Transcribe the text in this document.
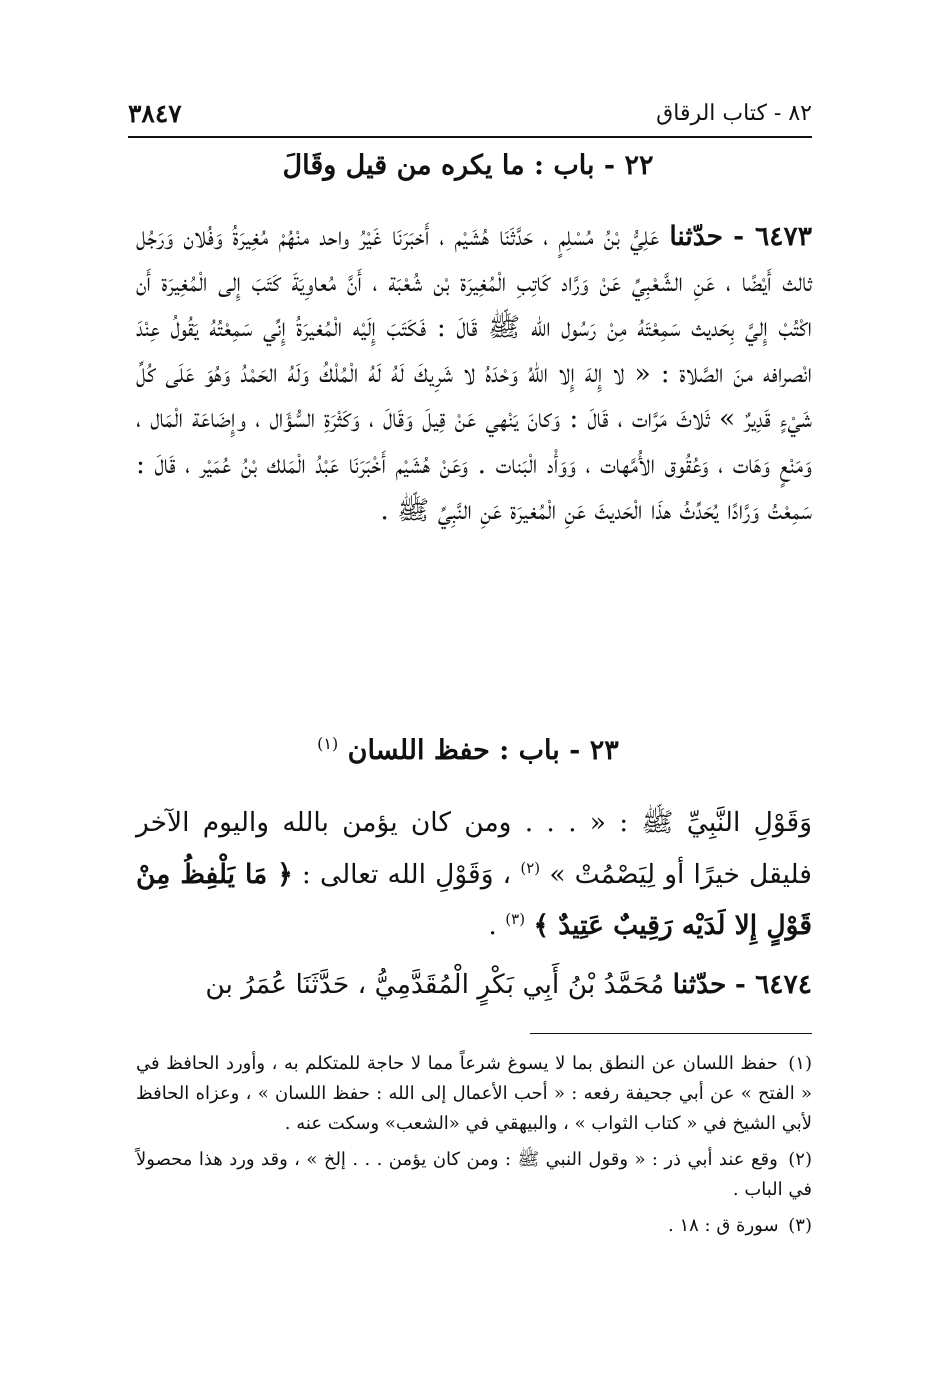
٨٢ - كتاب الرقاق
٣٨٤٧
٢٢ - باب : ما يكره من قيل وقَالَ
٦٤٧٣ - حدّثنا عَلِيُّ بْنُ مُسْلِمٍ ، حَدَّثَنَا هُشَيْم ، أَخبَرَنَا غَيْرُ واحد منْهُمْ مُغِيرَةُ وَفُلان وَرَجُل ثالث أَيْضًا ، عَنِ الشَّعْبِيِّ عَنْ وَرَّاد كَاتِبِ الْمُغِيرَة بْن شُعْبَة ، أَنَّ مُعاوِيَةَ كَتَبَ إِلى الْمُغِيرَة أَن اكْتُبْ إِليَّ بِحَديث سَمِعْتَهُ مِنْ رَسُول الله ﷺ قَالَ : فَكَتَبَ إِلَيْه الْمُغيرَةُ إِنِّي سَمِعْتُهُ يَقُولُ عِنْدَ انْصرافه منَ الصَّلاة : « لا إِلهَ إِلا اللهُ وَحْدَهُ لا شَرِيكَ لَهُ لَهُ الْمُلْكُ وَلَهُ الحَمْدُ وَهُوَ عَلَى كُلِّ شَيْءٍ قَدِيرٌ » ثَلاثَ مَرَّات ، قَالَ : وَكانَ يَنْهي عَنْ قِيلَ وَقَالَ ، وَكَثْرَةِ السُّؤَال ، وإِضَاعَة الْمَال ، وَمَنْعٍ وَهَات ، وَعُقُوق الأُمَّهات ، وَوَأْد الْبَنات . وَعَنْ هُشَيْم أَخْبَرَنَا عَبْدُ الْمَلك بْنُ عُمَيْر ، قَالَ : سَمِعْتُ وَرَّادًا يُحَدِّثُ هذَا الْحَديثَ عَنِ الْمُغيرَة عَنِ النَّبِيِّ ﷺ .
٢٣ - باب : حفظ اللسان $^{(١)}$
وَقَوْلِ النَّبِيِّ ﷺ : « . . . ومن كان يؤمن بالله واليوم الآخر فليقل خيرًا أو لِيَصْمُتْ » $^{(٢)}$ ، وَقَوْلِ الله تعالى : ﴿ مَا يَلْفِظُ مِنْ قَوْلٍ إِلا لَدَيْه رَقِيبٌ عَتِيدٌ ﴾ $^{(٣)}$ .
٦٤٧٤ - حدّثنا مُحَمَّدُ بْنُ أَبِي بَكْرٍ الْمُقَدَّمِيُّ ، حَدَّثَنَا عُمَرُ بن
(١) حفظ اللسان عن النطق بما لا يسوغ شرعاً مما لا حاجة للمتكلم به ، وأورد الحافظ في « الفتح » عن أبي جحيفة رفعه : « أحب الأعمال إلى الله : حفظ اللسان » ، وعزاه الحافظ لأبي الشيخ في « كتاب الثواب » ، والبيهقي في «الشعب» وسكت عنه .
(٢) وقع عند أبي ذر : « وقول النبي ﷺ : ومن كان يؤمن . . . إلخ » ، وقد ورد هذا محصولاً في الباب .
(٣) سورة ق : ١٨ .
